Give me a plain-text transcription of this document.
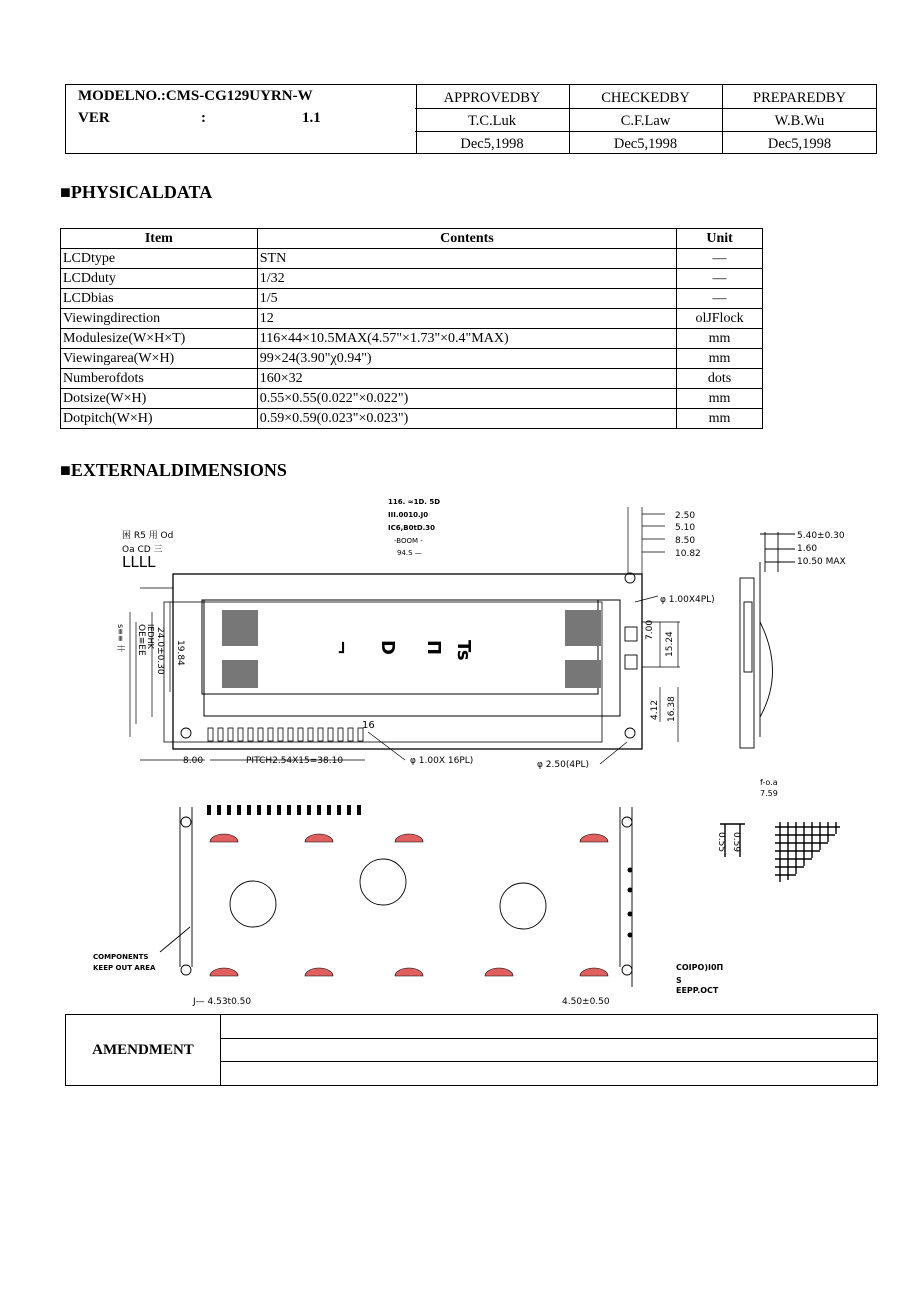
MODELNO.:CMS-CG129UYRN-W
VER	:	1.1
APPROVEDBY	CHECKEDBY	PREPAREDBY
T.C.Luk	C.F.Law	W.B.Wu
Dec5,1998	Dec5,1998	Dec5,1998
■PHYSICALDATA
Item	Contents	Unit
LCDtype	STN	—
LCDduty	1/32	—
LCDbias	1/5	—
Viewingdirection	12	olJFlock
Modulesize(W×H×T)	116×44×10.5MAX(4.57"×1.73"×0.4"MAX)	mm
Viewingarea(W×H)	99×24(3.90"χ0.94")	mm
Numberofdots	160×32	dots
Dotsize(W×H)	0.55×0.55(0.022"×0.022")	mm
Dotpitch(W×H)	0.59×0.59(0.023"×0.023")	mm
■EXTERNALDIMENSIONS
116. ≈1D. 5D
III.0010.J0
IC6,B0tD.30
-BOOM -
94.S —
困 R5 用 Od
Oa CD 三
LLLL
24.0±0.30 19.84
OE≡EE IEDHK
s≡≡ 卄
2.50
5.10
8.50
10.82
5.40±0.30
1.60
10.50 MAX
φ 1.00X4PL)
7.00
15.24
4.12 16.38
16
8.00	PITCH2.54X15=38.10	φ 1.00X 16PL)	φ 2.50(4PL)
Ts
П
D
¬
f-o.a
7.59
0.55 0.59
COMPONENTS
KEEP OUT AREA	COIPO)I0П
S
EEPP.OCT
J— 4.53t0.50	4.50±0.50
AMENDMENT
